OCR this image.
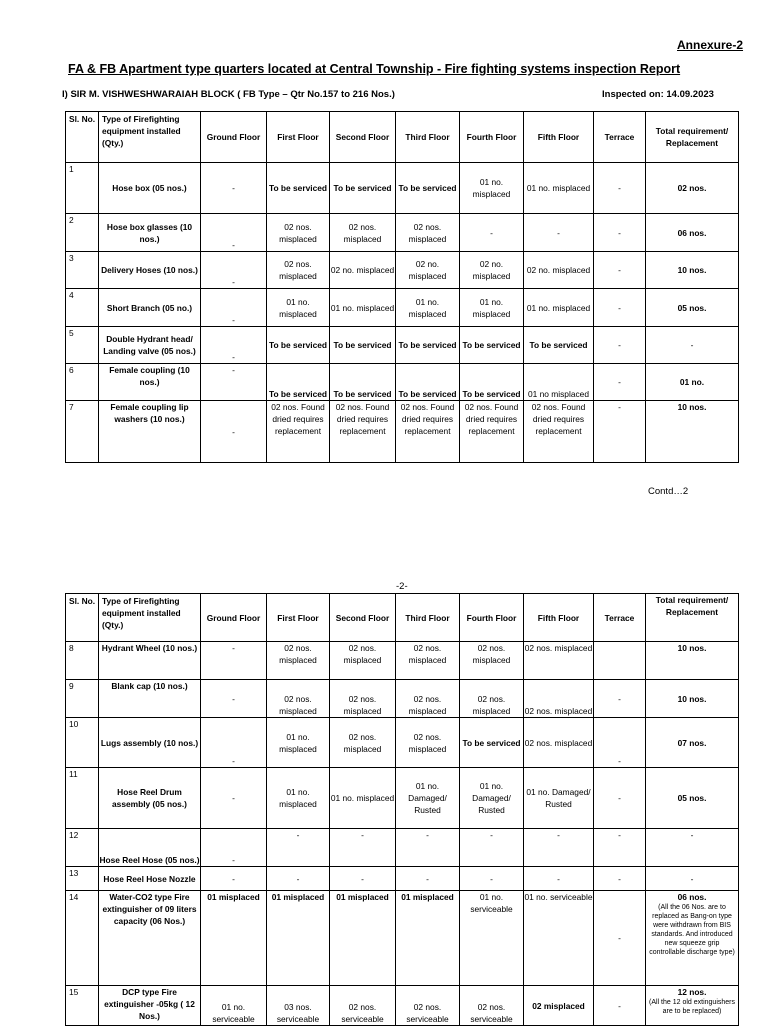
Annexure-2
FA & FB Apartment type quarters located at Central Township - Fire fighting systems inspection Report
I) SIR M. VISHWESHWARAIAH BLOCK ( FB Type – Qtr No.157 to 216 Nos.)	Inspected on: 14.09.2023
Sl. No.	Type of Firefighting equipment installed (Qty.)	Ground Floor	First Floor	Second Floor	Third Floor	Fourth Floor	Fifth Floor	Terrace	Total requirement/ Replacement
1	Hose box (05 nos.)	-	To be serviced	To be serviced	To be serviced	01 no. misplaced	01 no. misplaced	-	02 nos.
2	Hose box glasses (10 nos.)	-	02 nos. misplaced	02 nos. misplaced	02 nos. misplaced	-	-	-	06 nos.
3	Delivery Hoses (10 nos.)	-	02 nos. misplaced	02 no. misplaced	02 no. misplaced	02 no. misplaced	02 no. misplaced	-	10 nos.
4	Short Branch (05 no.)	-	01 no. misplaced	01 no. misplaced	01 no. misplaced	01 no. misplaced	01 no. misplaced	-	05 nos.
5	Double Hydrant head/ Landing valve (05 nos.)	-	To be serviced	To be serviced	To be serviced	To be serviced	To be serviced	-	-
6	Female coupling (10 nos.)	-	To be serviced	To be serviced	To be serviced	To be serviced	01 no misplaced	-	01 no.
7	Female coupling lip washers (10 nos.)	-	02 nos. Found dried requires replacement	02 nos. Found dried requires replacement	02 nos. Found dried requires replacement	02 nos. Found dried requires replacement	02 nos. Found dried requires replacement	-	10 nos.
Contd…2
-2-
Sl. No.	Type of Firefighting equipment installed (Qty.)	Ground Floor	First Floor	Second Floor	Third Floor	Fourth Floor	Fifth Floor	Terrace	Total requirement/ Replacement
8	Hydrant Wheel (10 nos.)	-	02 nos. misplaced	02 nos. misplaced	02 nos. misplaced	02 nos. misplaced	02 nos. misplaced		10 nos.
9	Blank cap (10 nos.)	-	02 nos. misplaced	02 nos. misplaced	02 nos. misplaced	02 nos. misplaced	02 nos. misplaced	-	10 nos.
10	Lugs assembly (10 nos.)	-	01 no. misplaced	02 nos. misplaced	02 nos. misplaced	To be serviced	02 nos. misplaced	-	07 nos.
11	Hose Reel Drum assembly (05 nos.)	-	01 no. misplaced	01 no. misplaced	01 no. Damaged/ Rusted	01 no. Damaged/ Rusted	01 no. Damaged/ Rusted	-	05 nos.
12	Hose Reel Hose (05 nos.)	-	-	-	-	-	-	-	-
13	Hose Reel Hose Nozzle	-	-	-	-	-	-	-	-
14	Water-CO2 type Fire extinguisher of 09 liters capacity (06 Nos.)	01 misplaced	01 misplaced	01 misplaced	01 misplaced	01 no. serviceable	01 no. serviceable	-	06 nos.
(All the 06 Nos. are to replaced as Bang-on type were withdrawn from BIS standards. And introduced new squeeze grip controllable discharge type)

15	DCP type Fire extinguisher -05kg ( 12 Nos.)	01 no. serviceable	03 nos. serviceable	02 nos. serviceable	02 nos. serviceable	02 nos. serviceable	02 misplaced	-	12 nos.
(All the 12 old extinguishers are to be replaced)
